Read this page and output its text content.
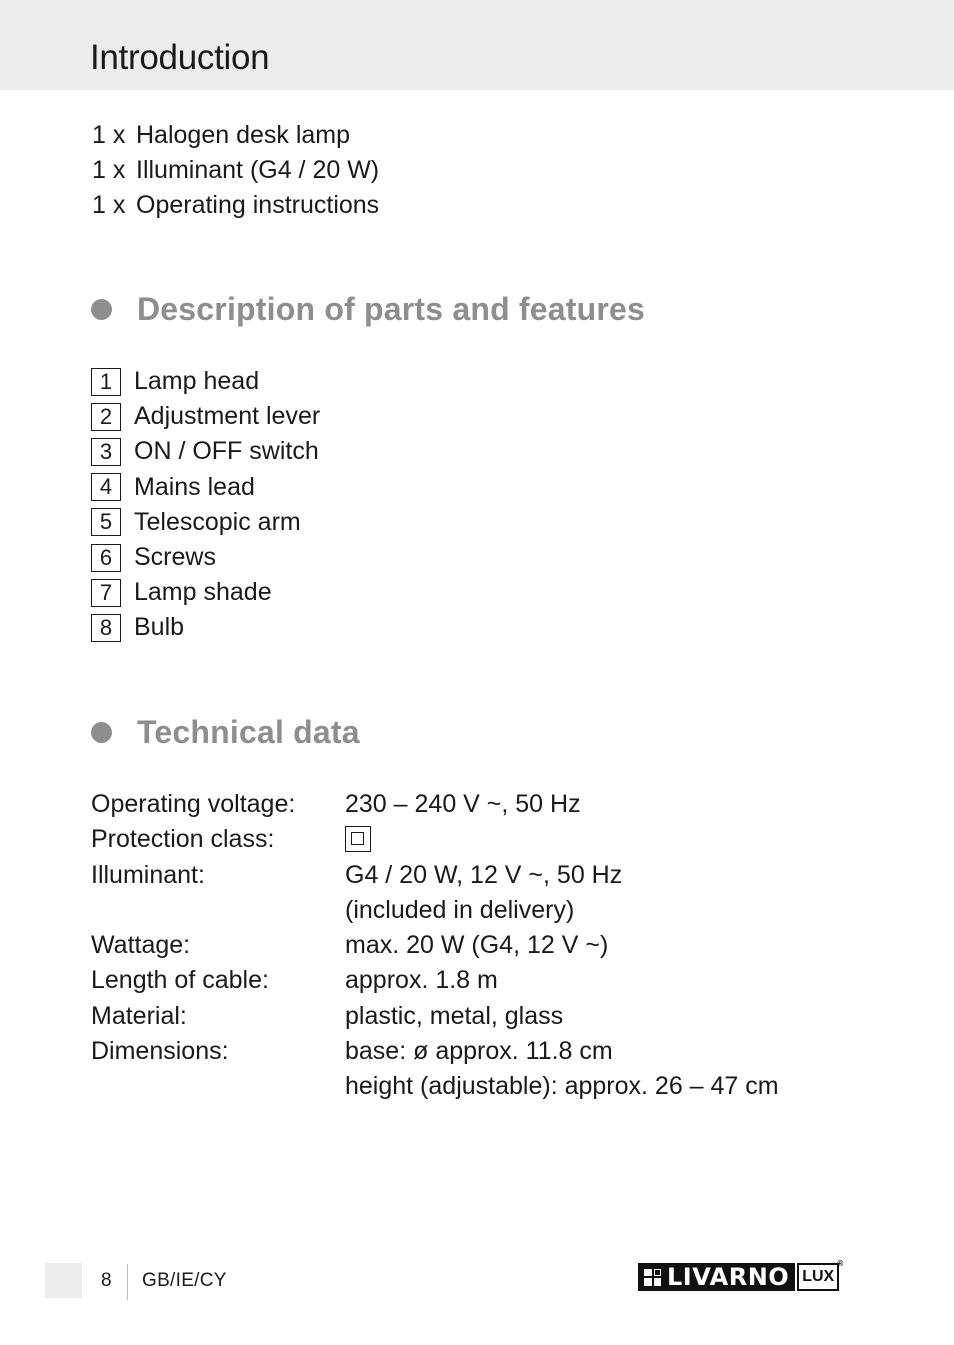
Introduction
1 x Halogen desk lamp
1 x Illuminant (G4 / 20 W)
1 x Operating instructions
Description of parts and features
1 Lamp head
2 Adjustment lever
3 ON / OFF switch
4 Mains lead
5 Telescopic arm
6 Screws
7 Lamp shade
8 Bulb
Technical data
Operating voltage:	230 – 240 V ~, 50 Hz
Protection class:
Illuminant:	G4 / 20 W, 12 V ~, 50 Hz
(included in delivery)
Wattage:	max. 20 W (G4, 12 V ~)
Length of cable:	approx. 1.8 m
Material:	plastic, metal, glass
Dimensions:	base: ø approx. 11.8 cm
height (adjustable): approx. 26 – 47 cm
8 GB/IE/CY	LIVARNO LUX
®
